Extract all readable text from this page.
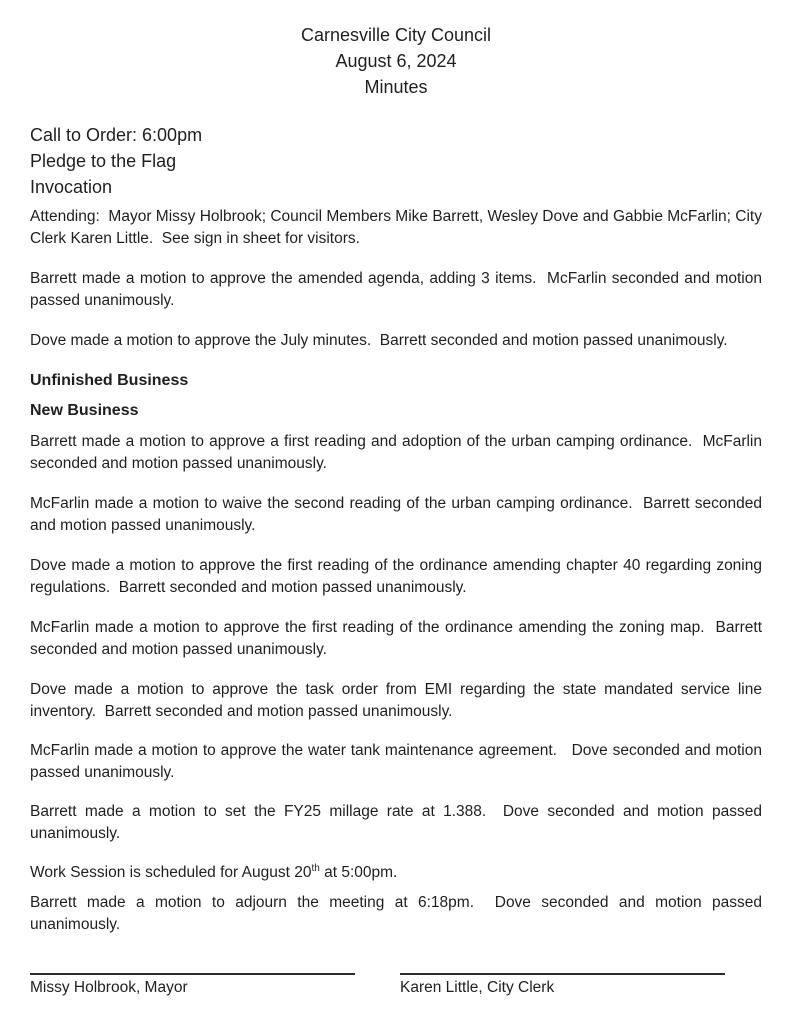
Carnesville City Council
August 6, 2024
Minutes
Call to Order: 6:00pm
Pledge to the Flag
Invocation

Attending:  Mayor Missy Holbrook; Council Members Mike Barrett, Wesley Dove and Gabbie McFarlin; City Clerk Karen Little.  See sign in sheet for visitors.

Barrett made a motion to approve the amended agenda, adding 3 items.  McFarlin seconded and motion passed unanimously.

Dove made a motion to approve the July minutes.  Barrett seconded and motion passed unanimously.

Unfinished Business
New Business

Barrett made a motion to approve a first reading and adoption of the urban camping ordinance.  McFarlin seconded and motion passed unanimously.

McFarlin made a motion to waive the second reading of the urban camping ordinance.  Barrett seconded and motion passed unanimously.

Dove made a motion to approve the first reading of the ordinance amending chapter 40 regarding zoning regulations.  Barrett seconded and motion passed unanimously.

McFarlin made a motion to approve the first reading of the ordinance amending the zoning map.  Barrett seconded and motion passed unanimously.

Dove made a motion to approve the task order from EMI regarding the state mandated service line inventory.  Barrett seconded and motion passed unanimously.

McFarlin made a motion to approve the water tank maintenance agreement.   Dove seconded and motion passed unanimously.

Barrett made a motion to set the FY25 millage rate at 1.388.  Dove seconded and motion passed unanimously.

Work Session is scheduled for August 20th at 5:00pm.

Barrett made a motion to adjourn the meeting at 6:18pm.  Dove seconded and motion passed unanimously.

Missy Holbrook, Mayor	Karen Little, City Clerk
